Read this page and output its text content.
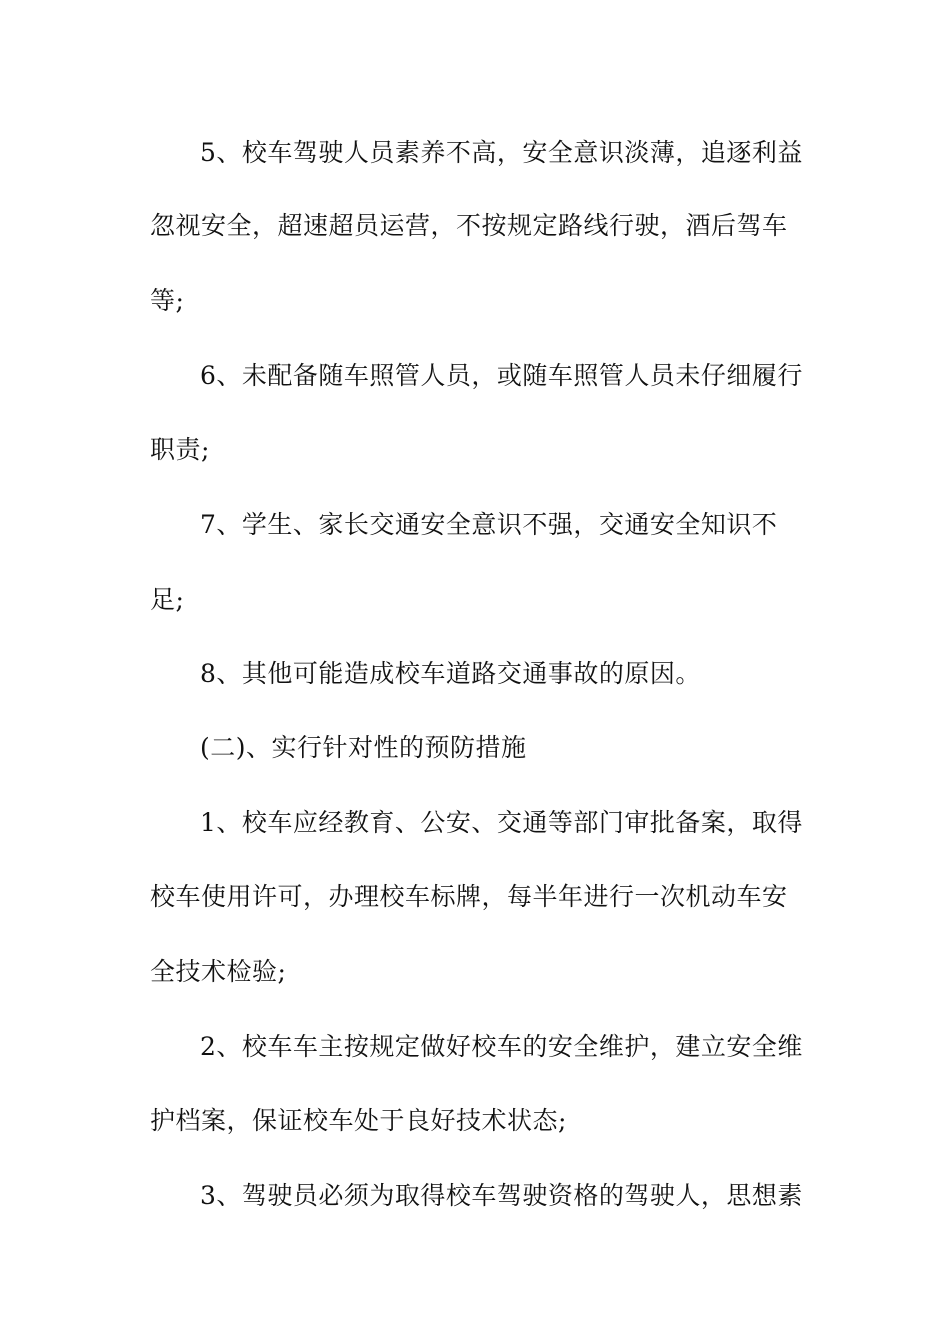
5、校车驾驶人员素养不高，安全意识淡薄，追逐利益
忽视安全，超速超员运营，不按规定路线行驶，酒后驾车
等;
6、未配备随车照管人员，或随车照管人员未仔细履行
职责;
7、学生、家长交通安全意识不强，交通安全知识不
足;
8、其他可能造成校车道路交通事故的原因。
(二)、实行针对性的预防措施
1、校车应经教育、公安、交通等部门审批备案，取得
校车使用许可，办理校车标牌，每半年进行一次机动车安
全技术检验;
2、校车车主按规定做好校车的安全维护，建立安全维
护档案，保证校车处于良好技术状态;
3、驾驶员必须为取得校车驾驶资格的驾驶人，思想素
